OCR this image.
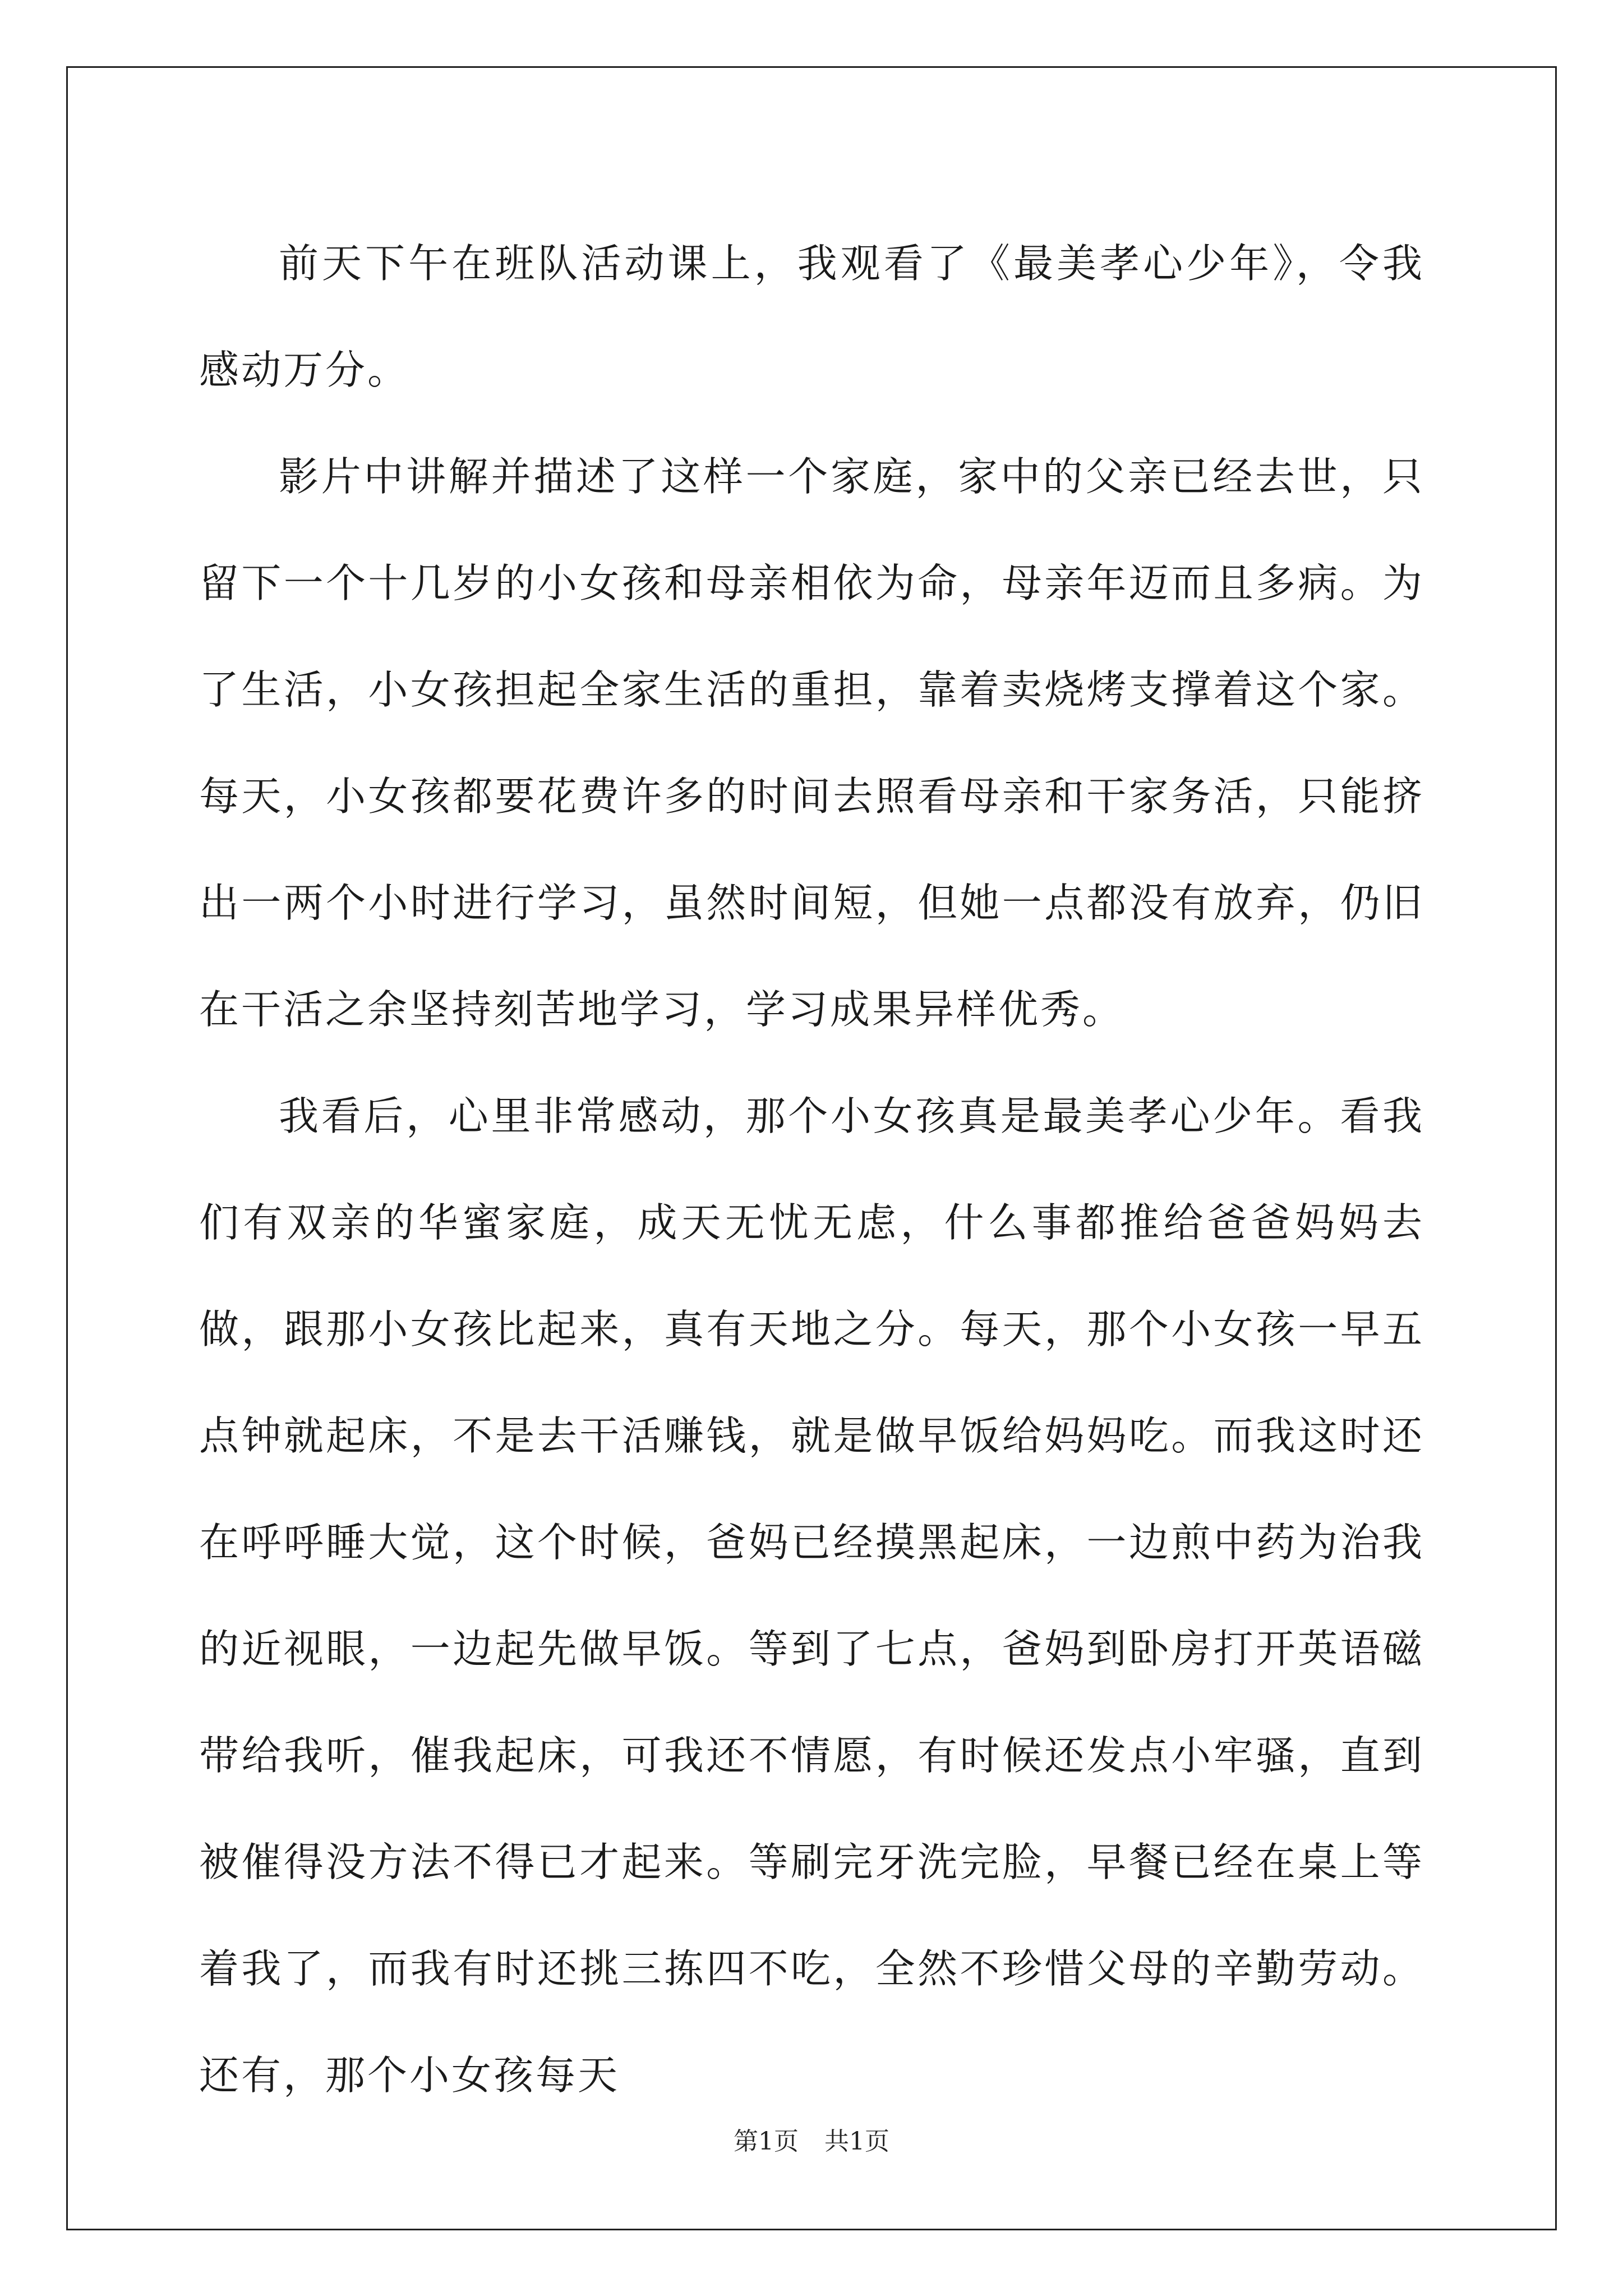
前天下午在班队活动课上，我观看了《最美孝心少年》，令我感动万分。

影片中讲解并描述了这样一个家庭，家中的父亲已经去世，只留下一个十几岁的小女孩和母亲相依为命，母亲年迈而且多病。为了生活，小女孩担起全家生活的重担，靠着卖烧烤支撑着这个家。每天，小女孩都要花费许多的时间去照看母亲和干家务活，只能挤出一两个小时进行学习，虽然时间短，但她一点都没有放弃，仍旧在干活之余坚持刻苦地学习，学习成果异样优秀。

我看后，心里非常感动，那个小女孩真是最美孝心少年。看我们有双亲的华蜜家庭，成天无忧无虑，什么事都推给爸爸妈妈去做，跟那小女孩比起来，真有天地之分。每天，那个小女孩一早五点钟就起床，不是去干活赚钱，就是做早饭给妈妈吃。而我这时还在呼呼睡大觉，这个时候，爸妈已经摸黑起床，一边煎中药为治我的近视眼，一边起先做早饭。等到了七点，爸妈到卧房打开英语磁带给我听，催我起床，可我还不情愿，有时候还发点小牢骚，直到被催得没方法不得已才起来。等刷完牙洗完脸，早餐已经在桌上等着我了，而我有时还挑三拣四不吃，全然不珍惜父母的辛勤劳动。还有，那个小女孩每天

第1页 共1页
